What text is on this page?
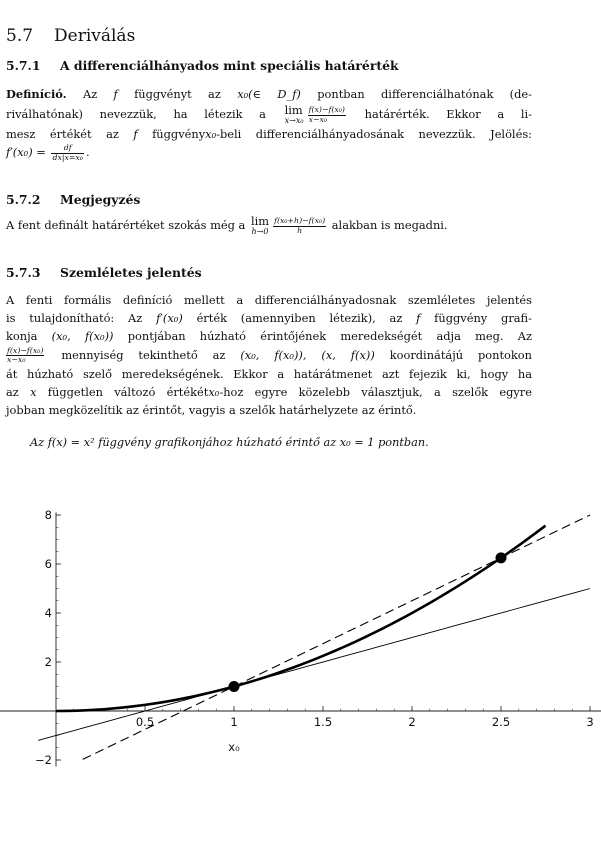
5.7 Deriválás
5.7.1 A differenciálhányados mint speciális határérték
Definíció. Az f függvényt az x₀(∈ D_f) pontban differenciálhatónak (de-
riválhatónak) nevezzük, ha létezik a lim
$x\to x_0 \frac{\text{f(x)−f(x₀)}}{\text{x−x₀}}$ határérték. Ekkor a li-
mesz értékét az f függvényx₀-beli differenciálhányadosának nevezzük. Jelölés:
$f'(x_0) = \frac{df}{\text{dx|x=x₀}}$ .
5.7.2 Megjegyzés
A fent definált határértéket szokás még a lim
$h\to 0 \frac{\text{f(x₀+h)−f(x₀)}}{h}$ alakban is megadni.
5.7.3 Szemléletes jelentés
A fenti formális definíció mellett a differenciálhányadosnak szemléletes jelentés
is tulajdonítható: Az f′(x₀) érték (amennyiben létezik), az f függvény grafi-
konja (x₀, f(x₀)) pontjában húzható érintőjének meredekségét adja meg. Az
$\frac{\text{f(x)−f(x₀)}}{\text{x−x₀}}$ mennyiség tekinthető az (x₀, f(x₀)), (x, f(x)) koordinátájú pontokon
át húzható szelő meredekségének. Ekkor a határátmenet azt fejezik ki, hogy ha
az x független változó értékétx₀-hoz egyre közelebb választjuk, a szelők egyre
jobban megközelítik az érintőt, vagyis a szelők határhelyzete az érintő.
Az f(x) = x² függvény grafikonjához húzható érintő az x₀ = 1 pontban.
0.5	1	1.5	2	2.5	3
−2
2
4
6
8
x₀
